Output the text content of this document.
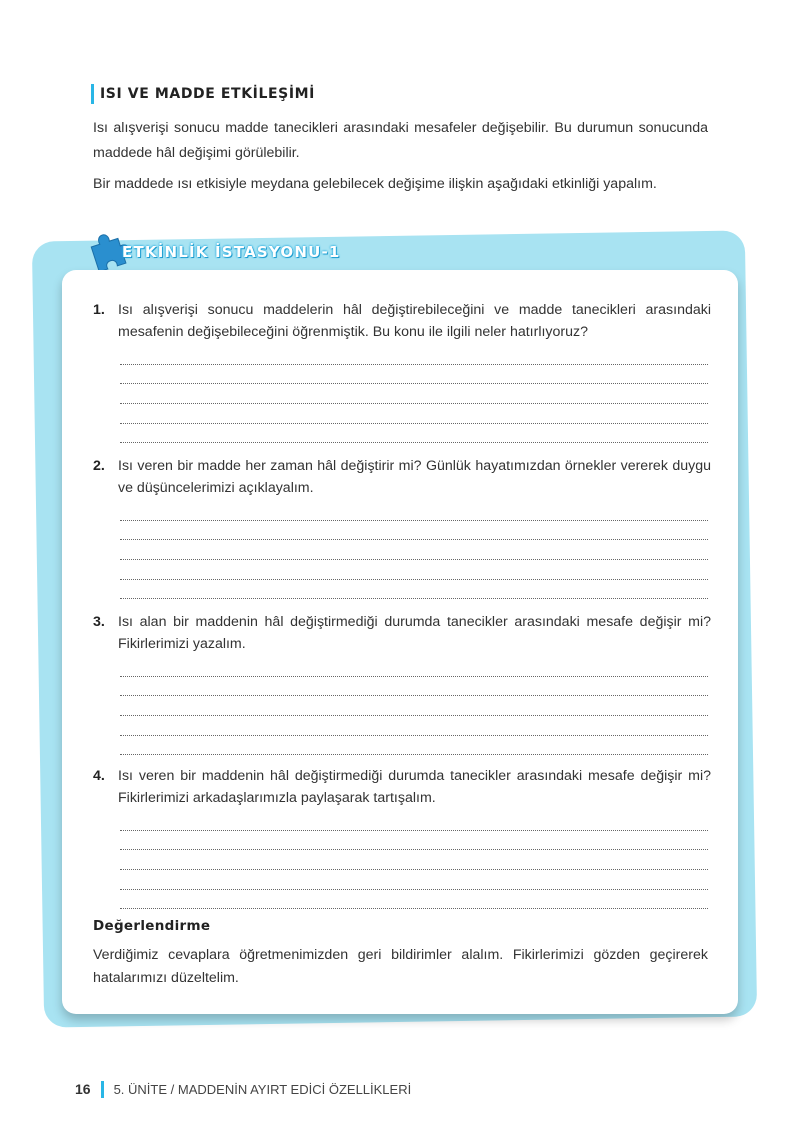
ISI VE MADDE ETKİLEŞİMİ

Isı alışverişi sonucu madde tanecikleri arasındaki mesafeler değişebilir. Bu durumun sonucunda maddede hâl değişimi görülebilir.

Bir maddede ısı etkisiyle meydana gelebilecek değişime ilişkin aşağıdaki etkinliği yapalım.

ETKİNLİK İSTASYONU-1
1. Isı alışverişi sonucu maddelerin hâl değiştirebileceğini ve madde tanecikleri arasındaki mesafenin değişebileceğini öğrenmiştik. Bu konu ile ilgili neler hatırlıyoruz?

2. Isı veren bir madde her zaman hâl değiştirir mi? Günlük hayatımızdan örnekler vererek duygu ve düşüncelerimizi açıklayalım.

3. Isı alan bir maddenin hâl değiştirmediği durumda tanecikler arasındaki mesafe değişir mi? Fikirlerimizi yazalım.

4. Isı veren bir maddenin hâl değiştirmediği durumda tanecikler arasındaki mesafe değişir mi? Fikirlerimizi arkadaşlarımızla paylaşarak tartışalım.

Değerlendirme

Verdiğimiz cevaplara öğretmenimizden geri bildirimler alalım. Fikirlerimizi gözden geçirerek hatalarımızı düzeltelim.

16 5. ÜNİTE / MADDENİN AYIRT EDİCİ ÖZELLİKLERİ
